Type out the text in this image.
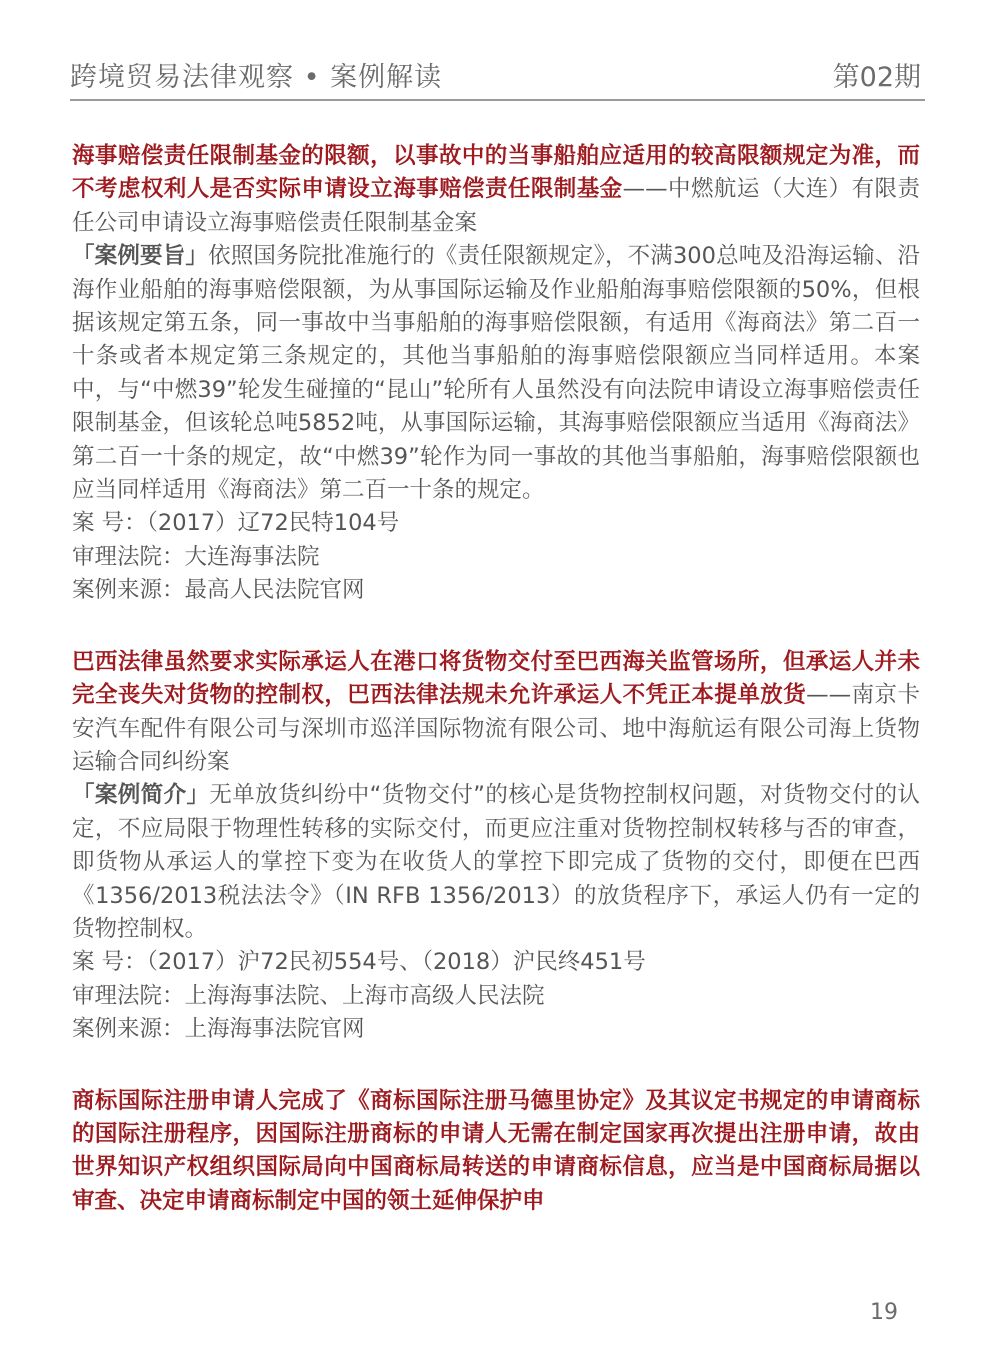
跨境贸易法律观察 • 案例解读	第02期
海事赔偿责任限制基金的限额，以事故中的当事船舶应适用的较高限额规定为准，而不考虑权利人是否实际申请设立海事赔偿责任限制基金——中燃航运（大连）有限责任公司申请设立海事赔偿责任限制基金案
「案例要旨」依照国务院批准施行的《责任限额规定》，不满300总吨及沿海运输、沿海作业船舶的海事赔偿限额，为从事国际运输及作业船舶海事赔偿限额的50%，但根据该规定第五条，同一事故中当事船舶的海事赔偿限额，有适用《海商法》第二百一十条或者本规定第三条规定的，其他当事船舶的海事赔偿限额应当同样适用。本案中，与“中燃39”轮发生碰撞的“昆山”轮所有人虽然没有向法院申请设立海事赔偿责任限制基金，但该轮总吨5852吨，从事国际运输，其海事赔偿限额应当适用《海商法》第二百一十条的规定，故“中燃39”轮作为同一事故的其他当事船舶，海事赔偿限额也应当同样适用《海商法》第二百一十条的规定。
案 号：（2017）辽72民特104号
审理法院：大连海事法院
案例来源：最高人民法院官网
巴西法律虽然要求实际承运人在港口将货物交付至巴西海关监管场所，但承运人并未完全丧失对货物的控制权，巴西法律法规未允许承运人不凭正本提单放货——南京卡安汽车配件有限公司与深圳市巡洋国际物流有限公司、地中海航运有限公司海上货物运输合同纠纷案
「案例简介」无单放货纠纷中“货物交付”的核心是货物控制权问题，对货物交付的认定，不应局限于物理性转移的实际交付，而更应注重对货物控制权转移与否的审查，即货物从承运人的掌控下变为在收货人的掌控下即完成了货物的交付，即便在巴西《1356/2013税法法令》（IN RFB 1356/2013）的放货程序下，承运人仍有一定的货物控制权。
案 号：（2017）沪72民初554号、（2018）沪民终451号
审理法院：上海海事法院、上海市高级人民法院
案例来源：上海海事法院官网
商标国际注册申请人完成了《商标国际注册马德里协定》及其议定书规定的申请商标的国际注册程序，因国际注册商标的申请人无需在制定国家再次提出注册申请，故由世界知识产权组织国际局向中国商标局转送的申请商标信息，应当是中国商标局据以审查、决定申请商标制定中国的领土延伸保护申
19
